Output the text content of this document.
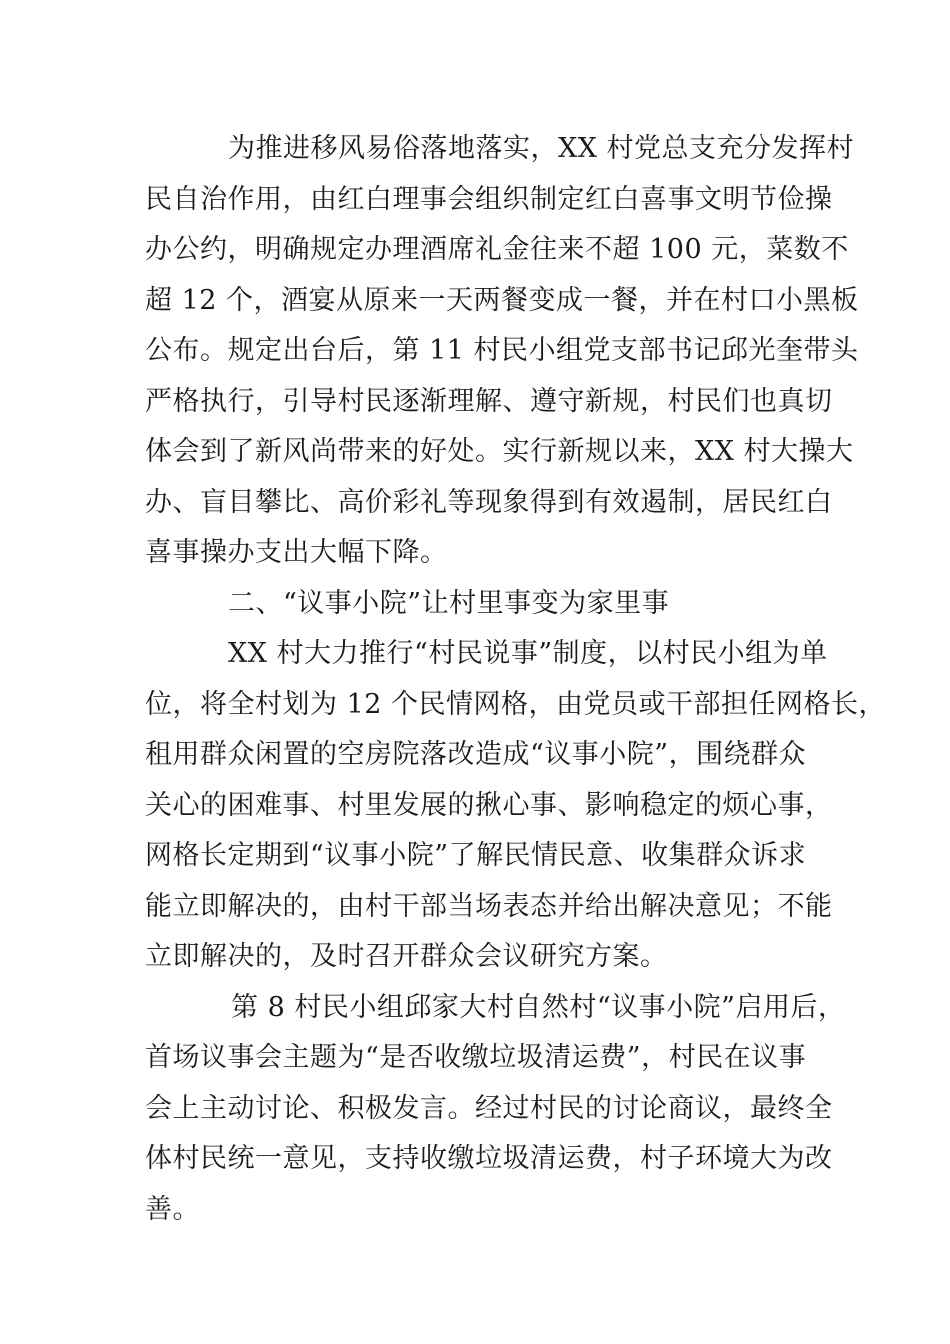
为推进移风易俗落地落实，XX 村党总支充分发挥村
民自治作用，由红白理事会组织制定红白喜事文明节俭操
办公约，明确规定办理酒席礼金往来不超 100 元，菜数不
超 12 个，酒宴从原来一天两餐变成一餐，并在村口小黑板
公布。规定出台后，第 11 村民小组党支部书记邱光奎带头
严格执行，引导村民逐渐理解、遵守新规，村民们也真切
体会到了新风尚带来的好处。实行新规以来，XX 村大操大
办、盲目攀比、高价彩礼等现象得到有效遏制，居民红白
喜事操办支出大幅下降。
二、“议事小院”让村里事变为家里事
XX 村大力推行“村民说事”制度，以村民小组为单
位，将全村划为 12 个民情网格，由党员或干部担任网格长，
租用群众闲置的空房院落改造成“议事小院”，围绕群众
关心的困难事、村里发展的揪心事、影响稳定的烦心事，
网格长定期到“议事小院”了解民情民意、收集群众诉求
能立即解决的，由村干部当场表态并给出解决意见；不能
立即解决的，及时召开群众会议研究方案。
第 8 村民小组邱家大村自然村“议事小院”启用后，
首场议事会主题为“是否收缴垃圾清运费”，村民在议事
会上主动讨论、积极发言。经过村民的讨论商议，最终全
体村民统一意见，支持收缴垃圾清运费，村子环境大为改
善。
